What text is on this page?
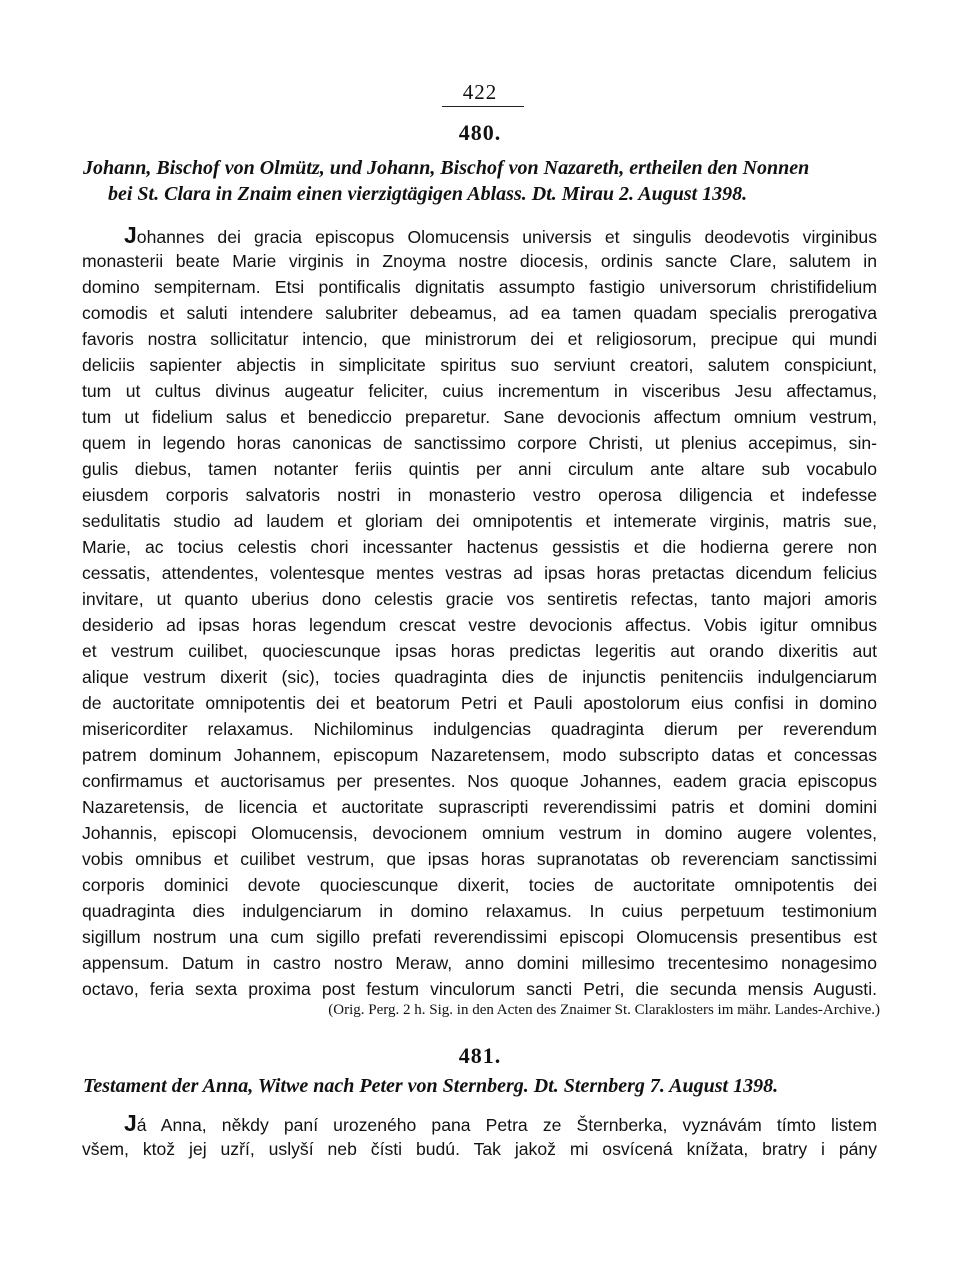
422
480.
Johann, Bischof von Olmütz, und Johann, Bischof von Nazareth, ertheilen den Nonnen
bei St. Clara in Znaim einen vierzigtägigen Ablass. Dt. Mirau 2. August 1398.
Johannes dei gracia episcopus Olomucensis universis et singulis deodevotis virginibus
monasterii beate Marie virginis in Znoyma nostre diocesis, ordinis sancte Clare, salutem in
domino sempiternam. Etsi pontificalis dignitatis assumpto fastigio universorum christifidelium
comodis et saluti intendere salubriter debeamus, ad ea tamen quadam specialis prerogativa
favoris nostra sollicitatur intencio, que ministrorum dei et religiosorum, precipue qui mundi
deliciis sapienter abjectis in simplicitate spiritus suo serviunt creatori, salutem conspiciunt,
tum ut cultus divinus augeatur feliciter, cuius incrementum in visceribus Jesu affectamus,
tum ut fidelium salus et benediccio preparetur. Sane devocionis affectum omnium vestrum,
quem in legendo horas canonicas de sanctissimo corpore Christi, ut plenius accepimus, sin-
gulis diebus, tamen notanter feriis quintis per anni circulum ante altare sub vocabulo
eiusdem corporis salvatoris nostri in monasterio vestro operosa diligencia et indefesse
sedulitatis studio ad laudem et gloriam dei omnipotentis et intemerate virginis, matris sue,
Marie, ac tocius celestis chori incessanter hactenus gessistis et die hodierna gerere non
cessatis, attendentes, volentesque mentes vestras ad ipsas horas pretactas dicendum felicius
invitare, ut quanto uberius dono celestis gracie vos sentiretis refectas, tanto majori amoris
desiderio ad ipsas horas legendum crescat vestre devocionis affectus. Vobis igitur omnibus
et vestrum cuilibet, quociescunque ipsas horas predictas legeritis aut orando dixeritis aut
alique vestrum dixerit (sic), tocies quadraginta dies de injunctis penitenciis indulgenciarum
de auctoritate omnipotentis dei et beatorum Petri et Pauli apostolorum eius confisi in domino
misericorditer relaxamus. Nichilominus indulgencias quadraginta dierum per reverendum
patrem dominum Johannem, episcopum Nazaretensem, modo subscripto datas et concessas
confirmamus et auctorisamus per presentes. Nos quoque Johannes, eadem gracia episcopus
Nazaretensis, de licencia et auctoritate suprascripti reverendissimi patris et domini domini
Johannis, episcopi Olomucensis, devocionem omnium vestrum in domino augere volentes,
vobis omnibus et cuilibet vestrum, que ipsas horas supranotatas ob reverenciam sanctissimi
corporis dominici devote quociescunque dixerit, tocies de auctoritate omnipotentis dei
quadraginta dies indulgenciarum in domino relaxamus. In cuius perpetuum testimonium
sigillum nostrum una cum sigillo prefati reverendissimi episcopi Olomucensis presentibus est
appensum. Datum in castro nostro Meraw, anno domini millesimo trecentesimo nonagesimo
octavo, feria sexta proxima post festum vinculorum sancti Petri, die secunda mensis Augusti.
(Orig. Perg. 2 h. Sig. in den Acten des Znaimer St. Claraklosters im mähr. Landes-Archive.)
481.
Testament der Anna, Witwe nach Peter von Sternberg. Dt. Sternberg 7. August 1398.
Já Anna, někdy paní urozeného pana Petra ze Šternberka, vyznávám tímto listem
všem, ktož jej uzří, uslyší neb čísti budú. Tak jakož mi osvícená knížata, bratry i pány
